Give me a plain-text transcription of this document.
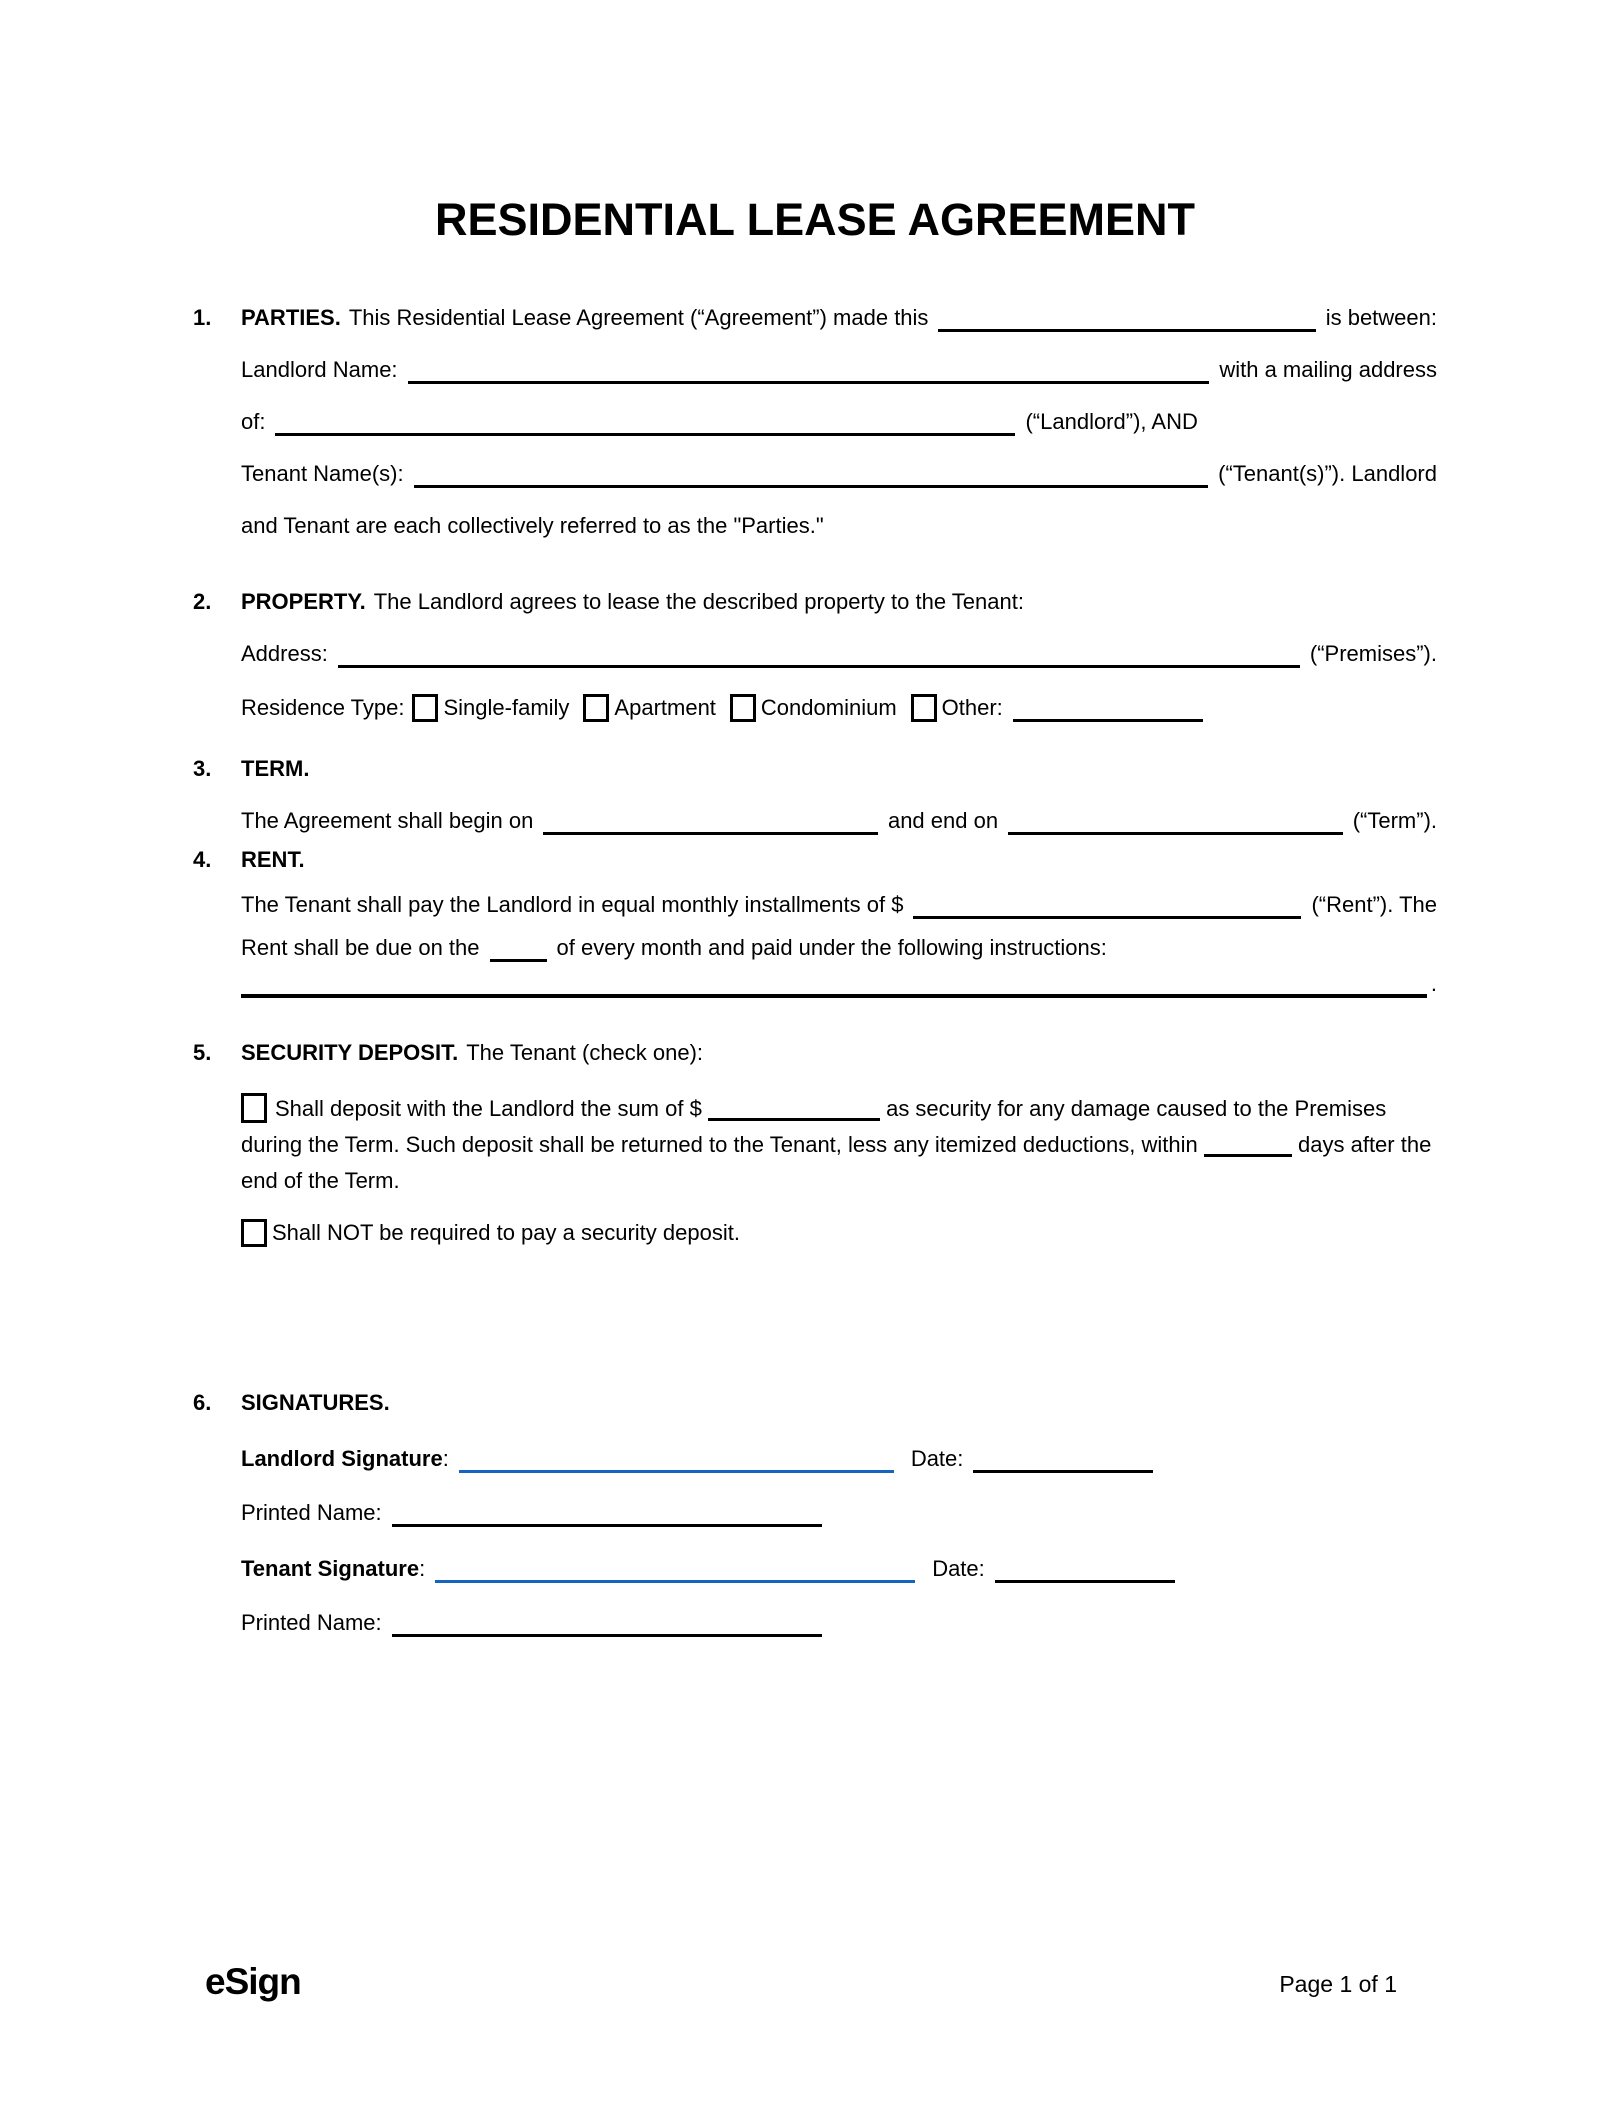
RESIDENTIAL LEASE AGREEMENT
1.	PARTIES. This Residential Lease Agreement (“Agreement”) made this	is between:
Landlord Name:	with a mailing address
of:	(“Landlord”), AND
Tenant Name(s):	(“Tenant(s)”). Landlord
and Tenant are each collectively referred to as the "Parties."
2.	PROPERTY. The Landlord agrees to lease the described property to the Tenant:
Address:	(“Premises”).
Residence Type: Single-family Apartment Condominium Other:
3.	TERM.
The Agreement shall begin on	and end on	(“Term”).
4.	RENT.
The Tenant shall pay the Landlord in equal monthly installments of $	(“Rent”). The
Rent shall be due on the	of every month and paid under the following instructions:
.
5.	SECURITY DEPOSIT. The Tenant (check one):
Shall deposit with the Landlord the sum of $	as security for any damage caused to the Premises during the Term. Such deposit shall be returned to the Tenant, less any itemized deductions, within	days after the end of the Term.
Shall NOT be required to pay a security deposit.
6.	SIGNATURES.
Landlord Signature :	Date:
Printed Name:
Tenant Signature :	Date:
Printed Name:
eSign	Page 1 of 1
